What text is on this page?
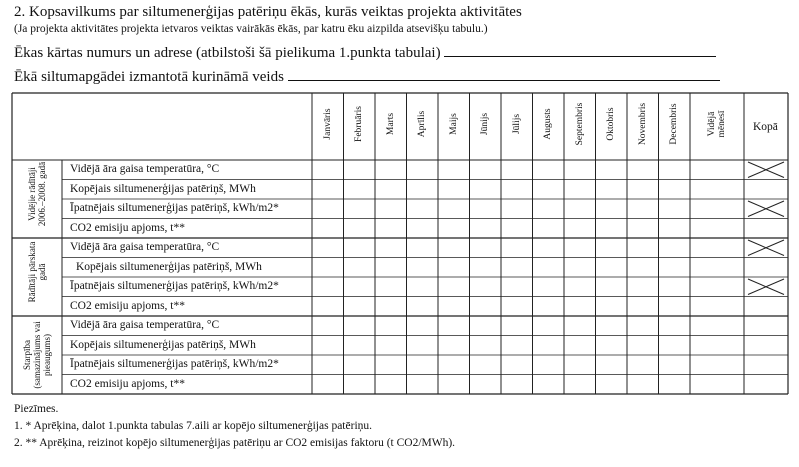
2. Kopsavilkums par siltumenerģijas patēriņu ēkās, kurās veiktas projekta aktivitātes
(Ja projekta aktivitātes projekta ietvaros veiktas vairākās ēkās, par katru ēku aizpilda atsevišķu tabulu.)
Ēkas kārtas numurs un adrese (atbilstoši šā pielikuma 1.punkta tabulai)
Ēkā siltumapgādei izmantotā kurināmā veids
Janvāris Februāris Marts Aprīlis Maijs Jūnijs Jūlijs Augusts Septembris Oktobris Novembris Decembris	Vidējā mēnesī Kopā
Vidējie rādītāji 2006.–2008. gadā Vidējā āra gaisa temperatūra, °C
Kopējais siltumenerģijas patēriņš, MWh
Īpatnējais siltumenerģijas patēriņš, kWh/m2*
CO2 emisiju apjoms, t**
Rādītāji pārskata gadā
Vidējā āra gaisa temperatūra, °C
Kopējais siltumenerģijas patēriņš, MWh
Īpatnējais siltumenerģijas patēriņš, kWh/m2*
CO2 emisiju apjoms, t**
Starpība (samazinājums vai pieaugums)
Vidējā āra gaisa temperatūra, °C
Kopējais siltumenerģijas patēriņš, MWh
Īpatnējais siltumenerģijas patēriņš, kWh/m2*
CO2 emisiju apjoms, t**
Piezīmes.
1. * Aprēķina, dalot 1.punkta tabulas 7.aili ar kopējo siltumenerģijas patēriņu.
2. ** Aprēķina, reizinot kopējo siltumenerģijas patēriņu ar CO2 emisijas faktoru (t CO2/MWh).
